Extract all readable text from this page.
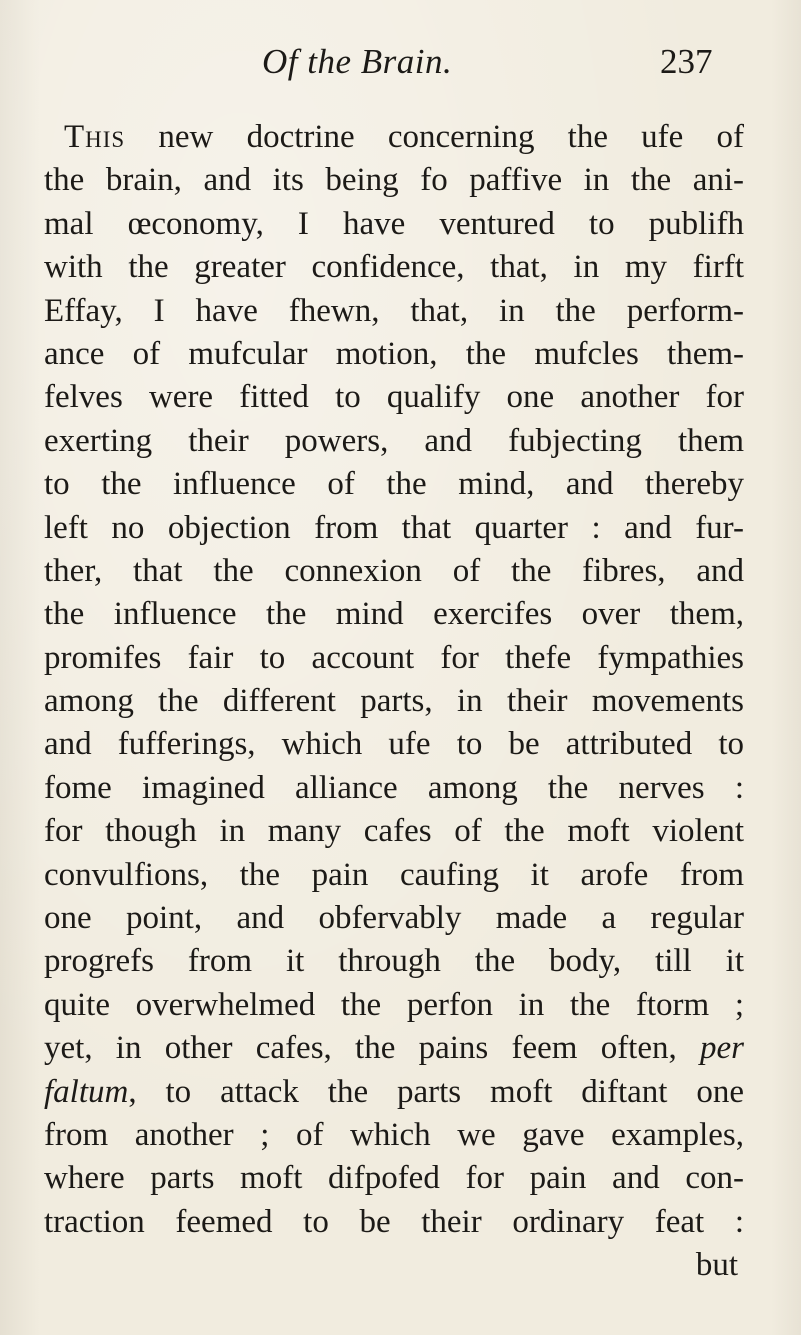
Of the Brain.	237
This new doctrine concerning the ufe of
the brain, and its being fo paffive in the ani-
mal œconomy, I have ventured to publifh
with the greater confidence, that, in my firft
Effay, I have fhewn, that, in the perform-
ance of mufcular motion, the mufcles them-
felves were fitted to qualify one another for
exerting their powers, and fubjecting them
to the influence of the mind, and thereby
left no objection from that quarter : and fur-
ther, that the connexion of the fibres, and
the influence the mind exercifes over them,
promifes fair to account for thefe fympathies
among the different parts, in their movements
and fufferings, which ufe to be attributed to
fome imagined alliance among the nerves :
for though in many cafes of the moft violent
convulfions, the pain caufing it arofe from
one point, and obfervably made a regular
progrefs from it through the body, till it
quite overwhelmed the perfon in the ftorm ;
yet, in other cafes, the pains feem often, per
faltum, to attack the parts moft diftant one
from another ; of which we gave examples,
where parts moft difpofed for pain and con-
traction feemed to be their ordinary feat :
but
